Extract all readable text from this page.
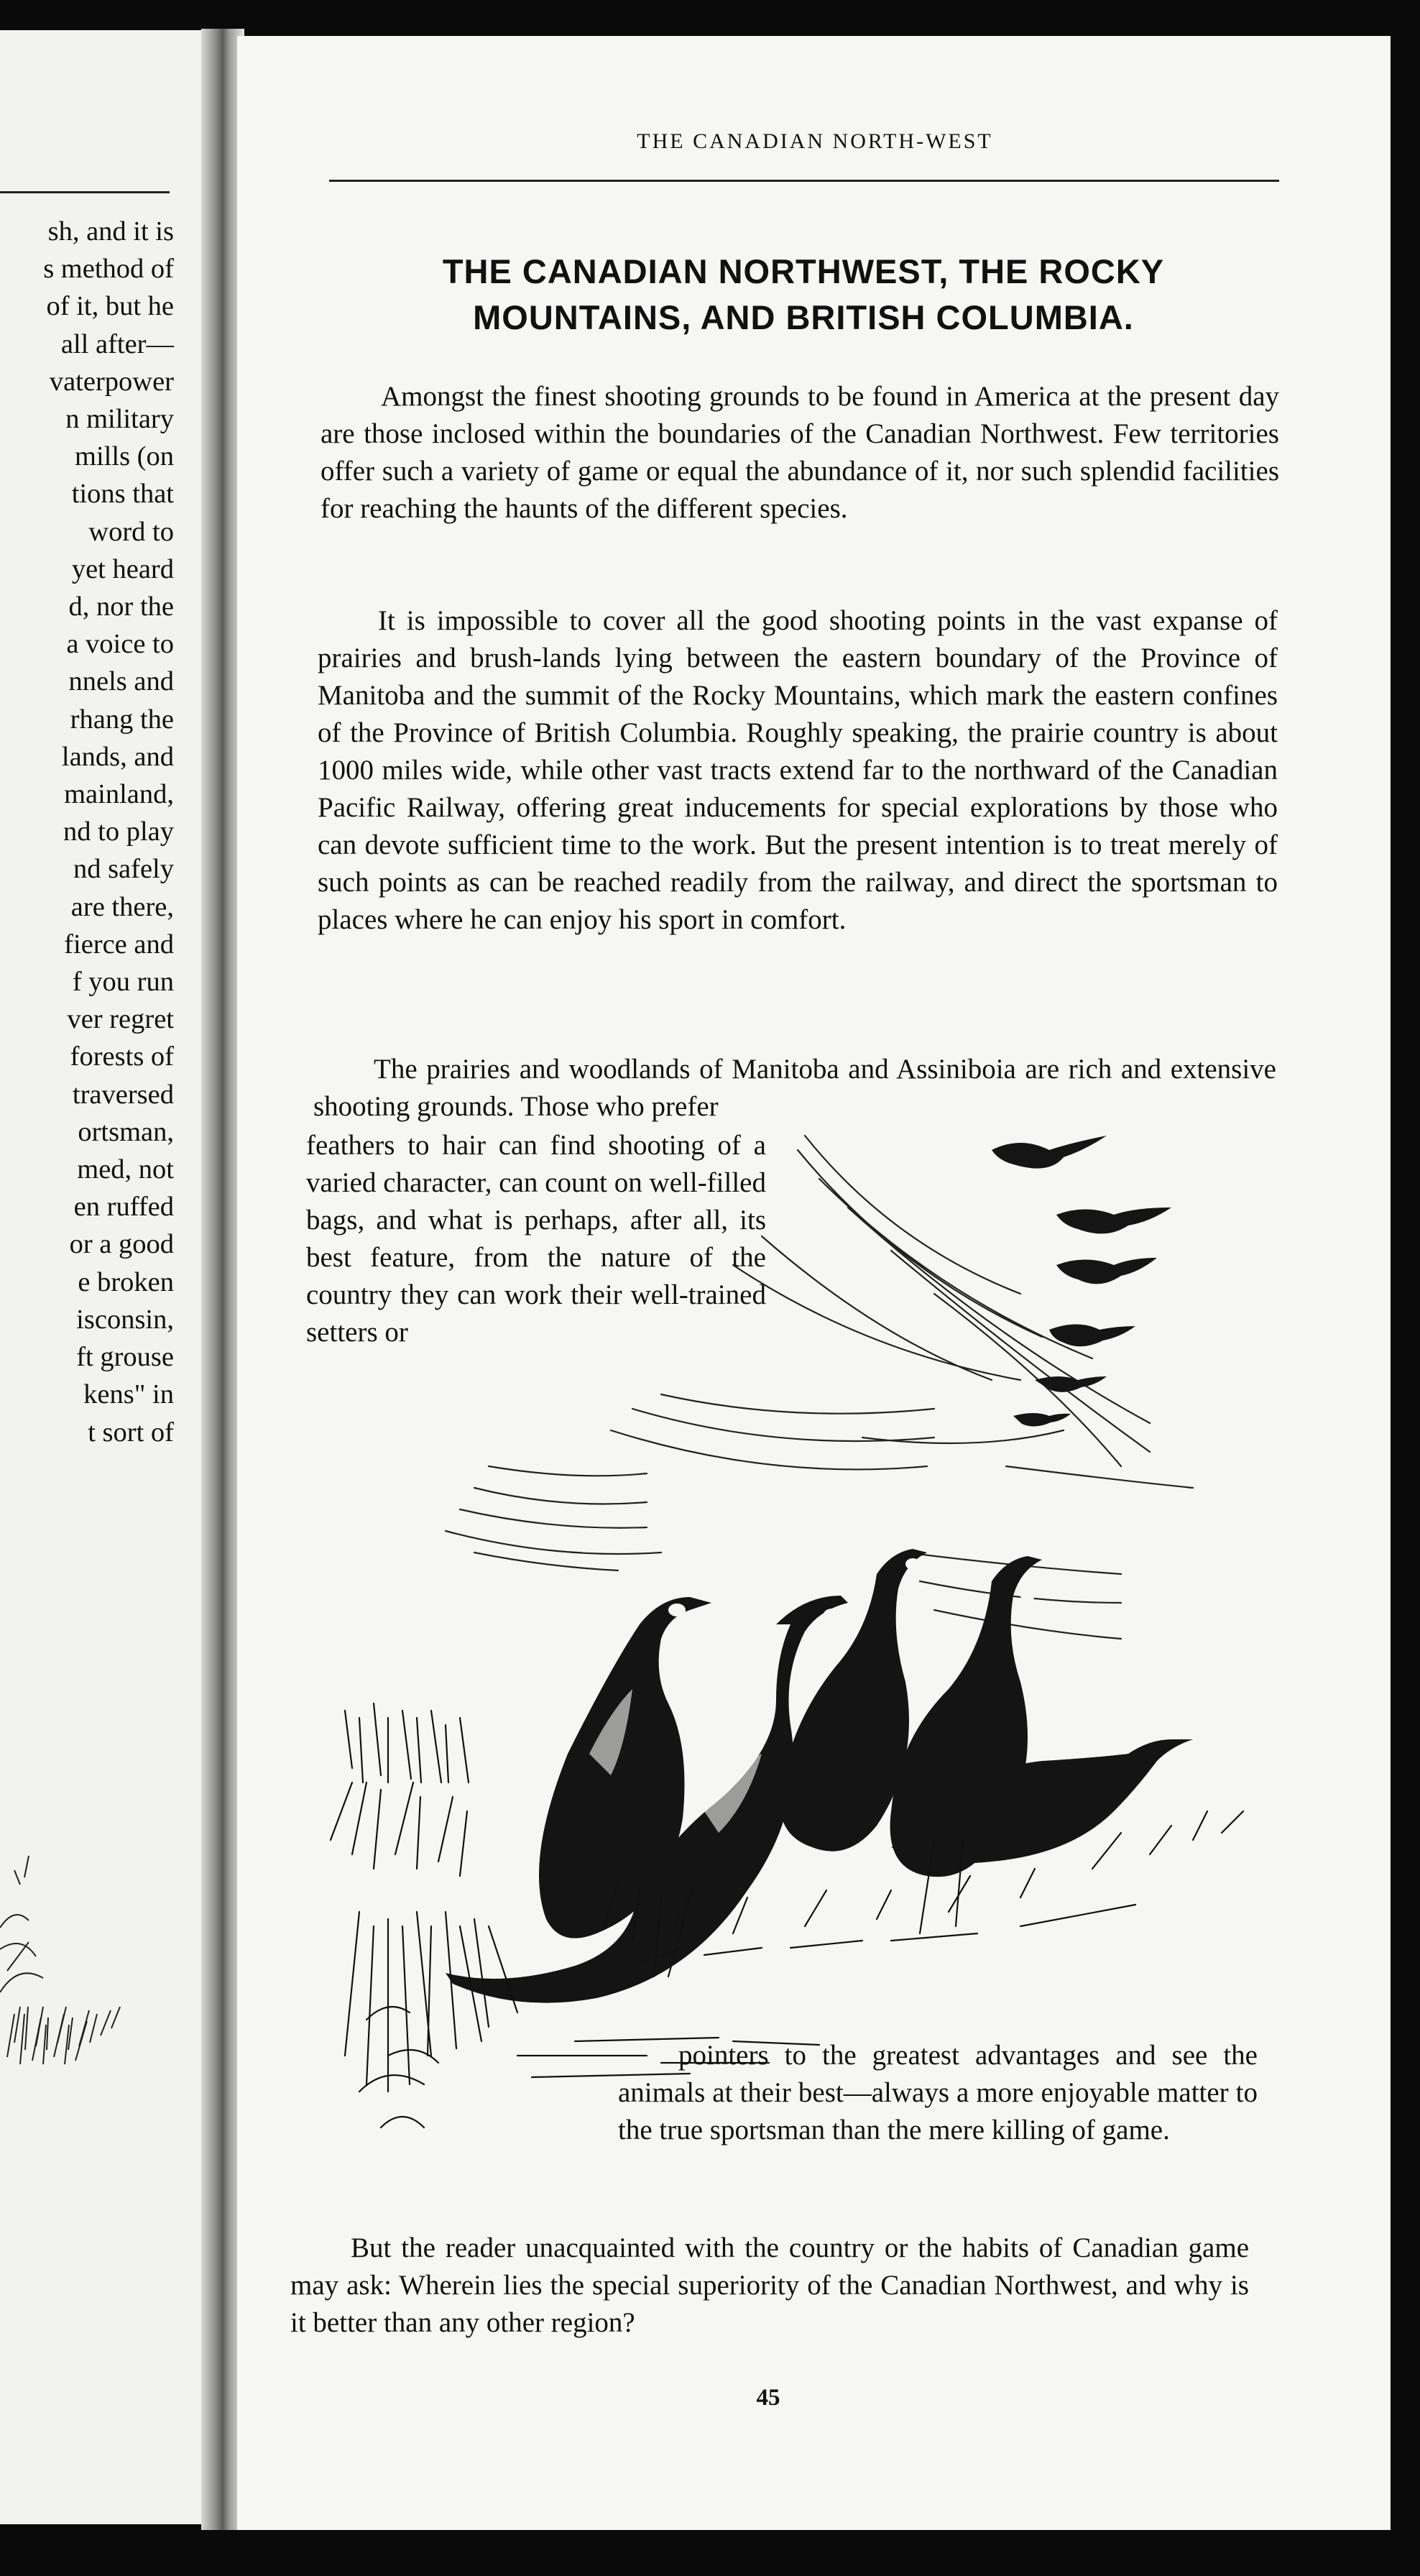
sh, and it is
s method of
of it, but he
all after—
vaterpower
n military
mills (on
tions that
word to
yet heard
d, nor the
a voice to
nnels and
rhang the
lands, and
mainland,
nd to play
nd safely
are there,
fierce and
f you run
ver regret
forests of
traversed
ortsman,
med, not
en ruffed
or a good
e broken
isconsin,
ft grouse
kens" in
t sort of
THE CANADIAN NORTH-WEST
THE CANADIAN NORTHWEST, THE ROCKY MOUNTAINS, AND BRITISH COLUMBIA.

Amongst the finest shooting grounds to be found in America at the present day are those inclosed within the boundaries of the Canadian Northwest. Few territories offer such a variety of game or equal the abundance of it, nor such splendid facilities for reaching the haunts of the different species.

It is impossible to cover all the good shooting points in the vast expanse of prairies and brush-lands lying between the eastern boundary of the Province of Manitoba and the summit of the Rocky Mountains, which mark the eastern confines of the Province of British Columbia. Roughly speaking, the prairie country is about 1000 miles wide, while other vast tracts extend far to the northward of the Canadian Pacific Railway, offering great inducements for special explorations by those who can devote sufficient time to the work. But the present intention is to treat merely of such points as can be reached readily from the railway, and direct the sportsman to places where he can enjoy his sport in comfort.

The prairies and woodlands of Manitoba and Assiniboia are rich and extensive shooting grounds. Those who prefer

feathers to hair can find shooting of a varied character, can count on well-filled bags, and what is perhaps, after all, its best feature, from the nature of the country they can work their well-trained setters or

pointers to the greatest advantages and see the animals at their best—always a more enjoyable matter to the true sportsman than the mere killing of game.

But the reader unacquainted with the country or the habits of Canadian game may ask: Wherein lies the special superiority of the Canadian Northwest, and why is it better than any other region?

45
